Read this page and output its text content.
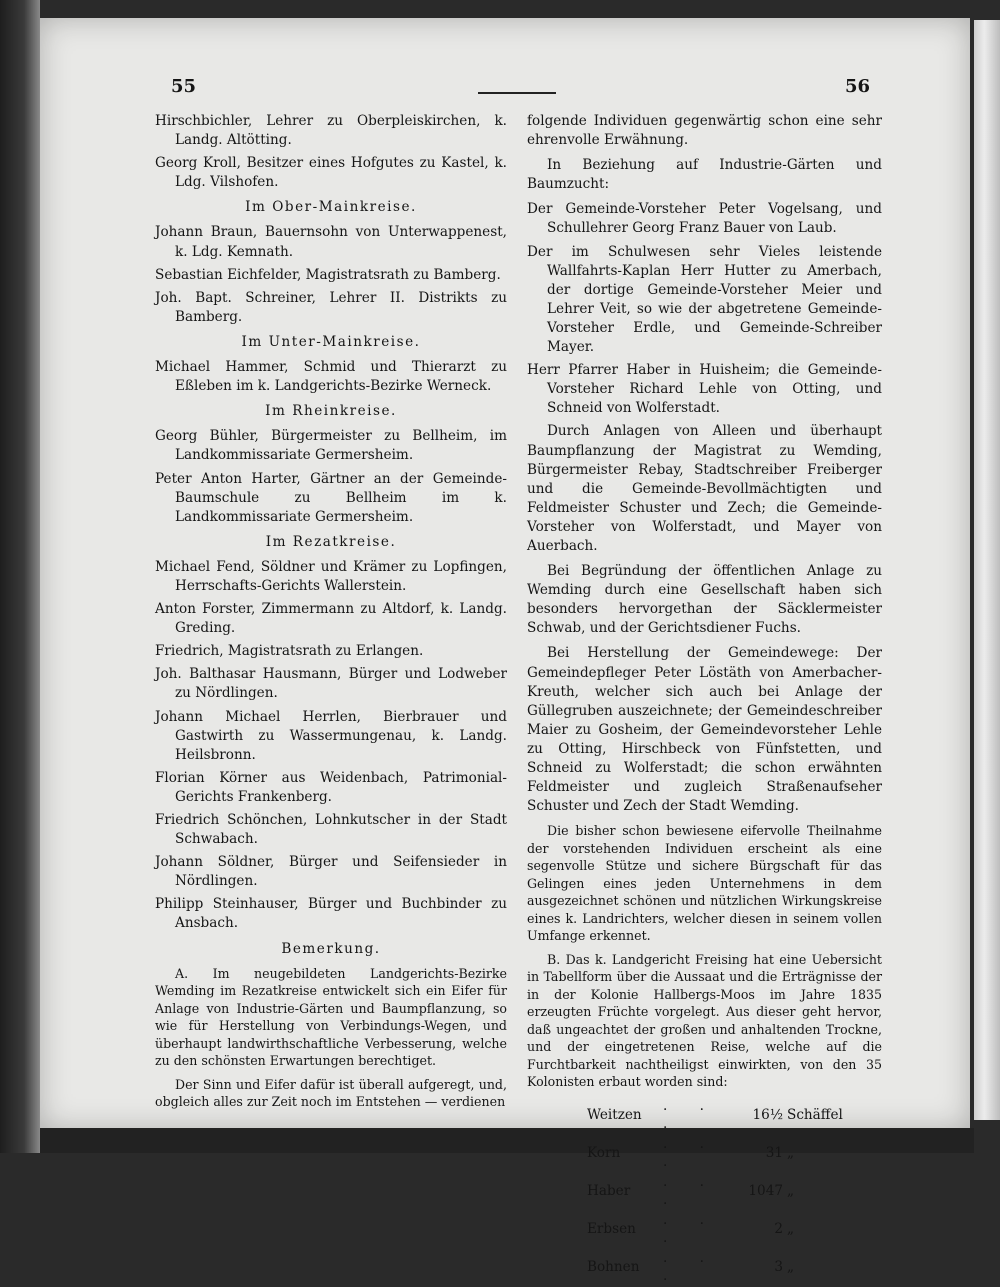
55	56
Hirschbichler, Lehrer zu Oberpleiskirchen, k. Landg. Altötting.
Georg Kroll, Besitzer eines Hofgutes zu Kastel, k. Ldg. Vilshofen.
Im Ober-Mainkreise.
Johann Braun, Bauernsohn von Unterwappenest, k. Ldg. Kemnath.
Sebastian Eichfelder, Magistratsrath zu Bamberg.
Joh. Bapt. Schreiner, Lehrer II. Distrikts zu Bamberg.
Im Unter-Mainkreise.
Michael Hammer, Schmid und Thierarzt zu Eßleben im k. Landgerichts-Bezirke Werneck.
Im Rheinkreise.
Georg Bühler, Bürgermeister zu Bellheim, im Landkommissariate Germersheim.
Peter Anton Harter, Gärtner an der Gemeinde-Baumschule zu Bellheim im k. Landkommissariate Germersheim.
Im Rezatkreise.
Michael Fend, Söldner und Krämer zu Lopfingen, Herrschafts-Gerichts Wallerstein.
Anton Forster, Zimmermann zu Altdorf, k. Landg. Greding.
Friedrich, Magistratsrath zu Erlangen.
Joh. Balthasar Hausmann, Bürger und Lodweber zu Nördlingen.
Johann Michael Herrlen, Bierbrauer und Gastwirth zu Wassermungenau, k. Landg. Heilsbronn.
Florian Körner aus Weidenbach, Patrimonial-Gerichts Frankenberg.
Friedrich Schönchen, Lohnkutscher in der Stadt Schwabach.
Johann Söldner, Bürger und Seifensieder in Nördlingen.
Philipp Steinhauser, Bürger und Buchbinder zu Ansbach.
Bemerkung.
A. Im neugebildeten Landgerichts-Bezirke Wemding im Rezatkreise entwickelt sich ein Eifer für Anlage von Industrie-Gärten und Baumpflanzung, so wie für Herstellung von Verbindungs-Wegen, und überhaupt landwirthschaftliche Verbesserung, welche zu den schönsten Erwartungen berechtiget.
Der Sinn und Eifer dafür ist überall aufgeregt, und, obgleich alles zur Zeit noch im Entstehen — verdienen
folgende Individuen gegenwärtig schon eine sehr ehrenvolle Erwähnung.
In Beziehung auf Industrie-Gärten und Baumzucht:
Der Gemeinde-Vorsteher Peter Vogelsang, und Schullehrer Georg Franz Bauer von Laub.
Der im Schulwesen sehr Vieles leistende Wallfahrts-Kaplan Herr Hutter zu Amerbach, der dortige Gemeinde-Vorsteher Meier und Lehrer Veit, so wie der abgetretene Gemeinde-Vorsteher Erdle, und Gemeinde-Schreiber Mayer.
Herr Pfarrer Haber in Huisheim; die Gemeinde-Vorsteher Richard Lehle von Otting, und Schneid von Wolferstadt.
Durch Anlagen von Alleen und überhaupt Baumpflanzung der Magistrat zu Wemding, Bürgermeister Rebay, Stadtschreiber Freiberger und die Gemeinde-Bevollmächtigten und Feldmeister Schuster und Zech; die Gemeinde-Vorsteher von Wolferstadt, und Mayer von Auerbach.
Bei Begründung der öffentlichen Anlage zu Wemding durch eine Gesellschaft haben sich besonders hervorgethan der Säcklermeister Schwab, und der Gerichtsdiener Fuchs.
Bei Herstellung der Gemeindewege: Der Gemeindepfleger Peter Löstäth von Amerbacher-Kreuth, welcher sich auch bei Anlage der Güllegruben auszeichnete; der Gemeindeschreiber Maier zu Gosheim, der Gemeindevorsteher Lehle zu Otting, Hirschbeck von Fünfstetten, und Schneid zu Wolferstadt; die schon erwähnten Feldmeister und zugleich Straßenaufseher Schuster und Zech der Stadt Wemding.
Die bisher schon bewiesene eifervolle Theilnahme der vorstehenden Individuen erscheint als eine segenvolle Stütze und sichere Bürgschaft für das Gelingen eines jeden Unternehmens in dem ausgezeichnet schönen und nützlichen Wirkungskreise eines k. Landrichters, welcher diesen in seinem vollen Umfange erkennet.
B. Das k. Landgericht Freising hat eine Uebersicht in Tabellform über die Aussaat und die Erträgnisse der in der Kolonie Hallbergs-Moos im Jahre 1835 erzeugten Früchte vorgelegt. Aus dieser geht hervor, daß ungeachtet der großen und anhaltenden Trockne, und der eingetretenen Reise, welche auf die Furchtbarkeit nachtheiligst einwirkten, von den 35 Kolonisten erbaut worden sind:
Weitzen	. . .	16½	Schäffel
Korn	. . .	31	„
Haber	. . .	1047	„
Erbsen	. . .	2	„
Bohnen	. . .	3	„
